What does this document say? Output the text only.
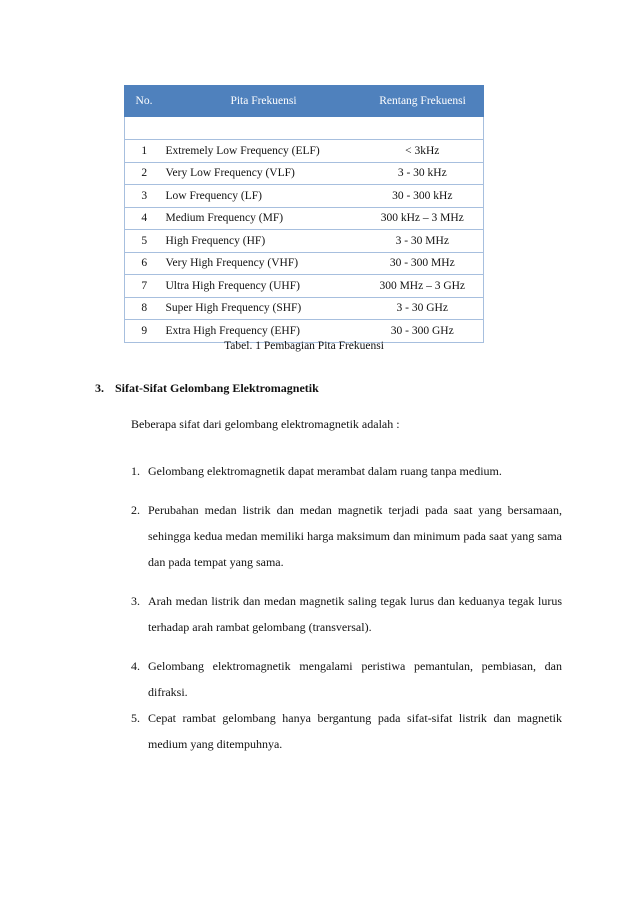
No.	Pita Frekuensi	Rentang Frekuensi

1	Extremely Low Frequency (ELF)	< 3kHz
2	Very Low Frequency (VLF)	3 - 30 kHz
3	Low Frequency (LF)	30 - 300 kHz
4	Medium Frequency (MF)	300 kHz – 3 MHz
5	High Frequency (HF)	3 - 30 MHz
6	Very High Frequency (VHF)	30 - 300 MHz
7	Ultra High Frequency (UHF)	300 MHz – 3 GHz
8	Super High Frequency (SHF)	3 - 30 GHz
9	Extra High Frequency (EHF)	30 - 300 GHz
Tabel. 1 Pembagian Pita Frekuensi
3. Sifat-Sifat Gelombang Elektromagnetik
Beberapa sifat dari gelombang elektromagnetik adalah :
1. Gelombang elektromagnetik dapat merambat dalam ruang tanpa medium.
2. Perubahan medan listrik dan medan magnetik terjadi pada saat yang bersamaan, sehingga kedua medan memiliki harga maksimum dan minimum pada saat yang sama dan pada tempat yang sama.
3. Arah medan listrik dan medan magnetik saling tegak lurus dan keduanya tegak lurus terhadap arah rambat gelombang (transversal).
4. Gelombang elektromagnetik mengalami peristiwa pemantulan, pembiasan, dan difraksi.
5. Cepat rambat gelombang hanya bergantung pada sifat-sifat listrik dan magnetik medium yang ditempuhnya.
